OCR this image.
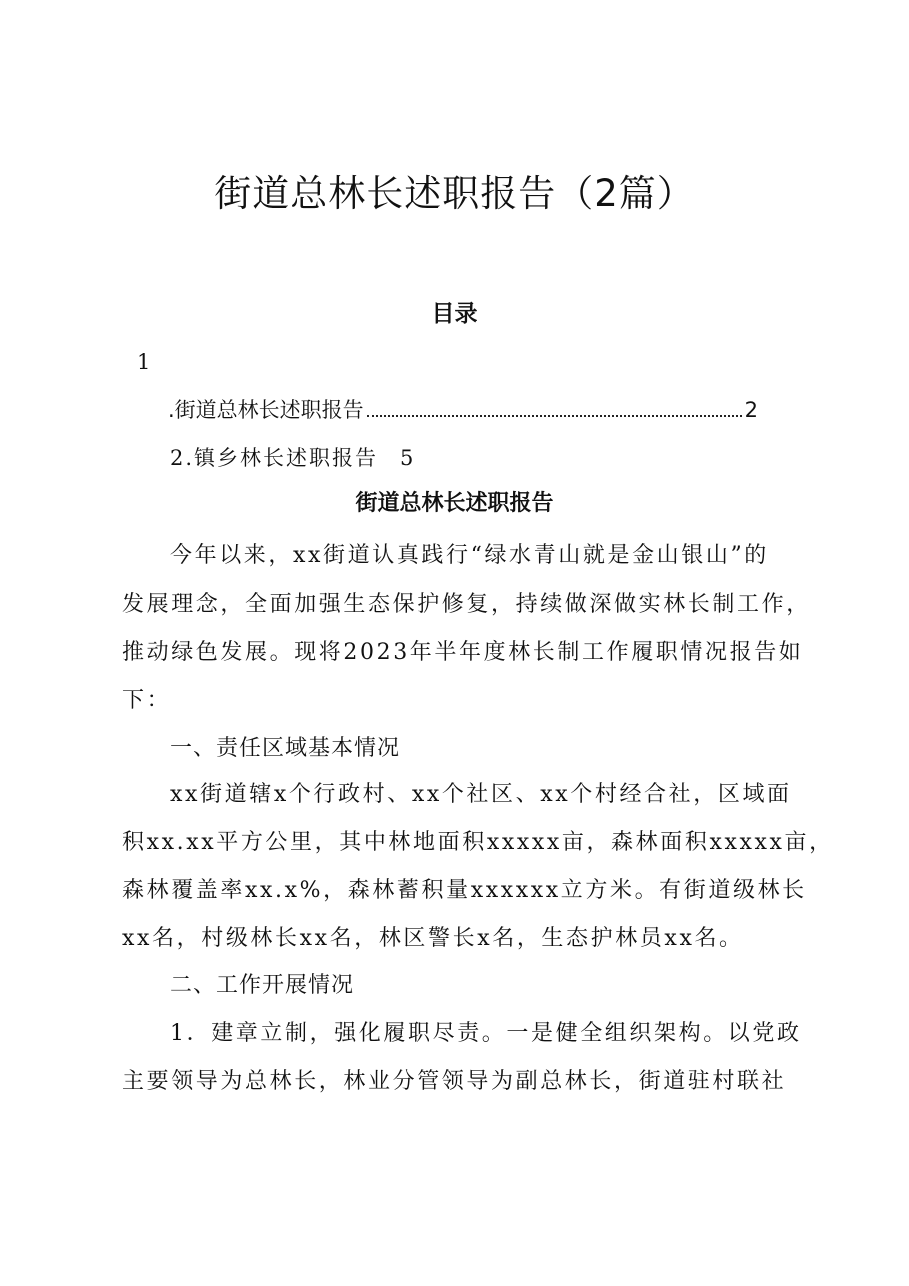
街道总林长述职报告（2篇）
目录
1
.街道总林长述职报告	2
2.镇乡林长述职报告 5
街道总林长述职报告
今年以来，xx街道认真践行“绿水青山就是金山银山”的
发展理念，全面加强生态保护修复，持续做深做实林长制工作，
推动绿色发展。现将2023年半年度林长制工作履职情况报告如
下：
一、责任区域基本情况
xx街道辖x个行政村、xx个社区、xx个村经合社，区域面
积xx.xx平方公里，其中林地面积xxxxx亩，森林面积xxxxx亩，
森林覆盖率xx.x%，森林蓄积量xxxxxx立方米。有街道级林长
xx名，村级林长xx名，林区警长x名，生态护林员xx名。
二、工作开展情况
1．建章立制，强化履职尽责。一是健全组织架构。以党政
主要领导为总林长，林业分管领导为副总林长，街道驻村联社
